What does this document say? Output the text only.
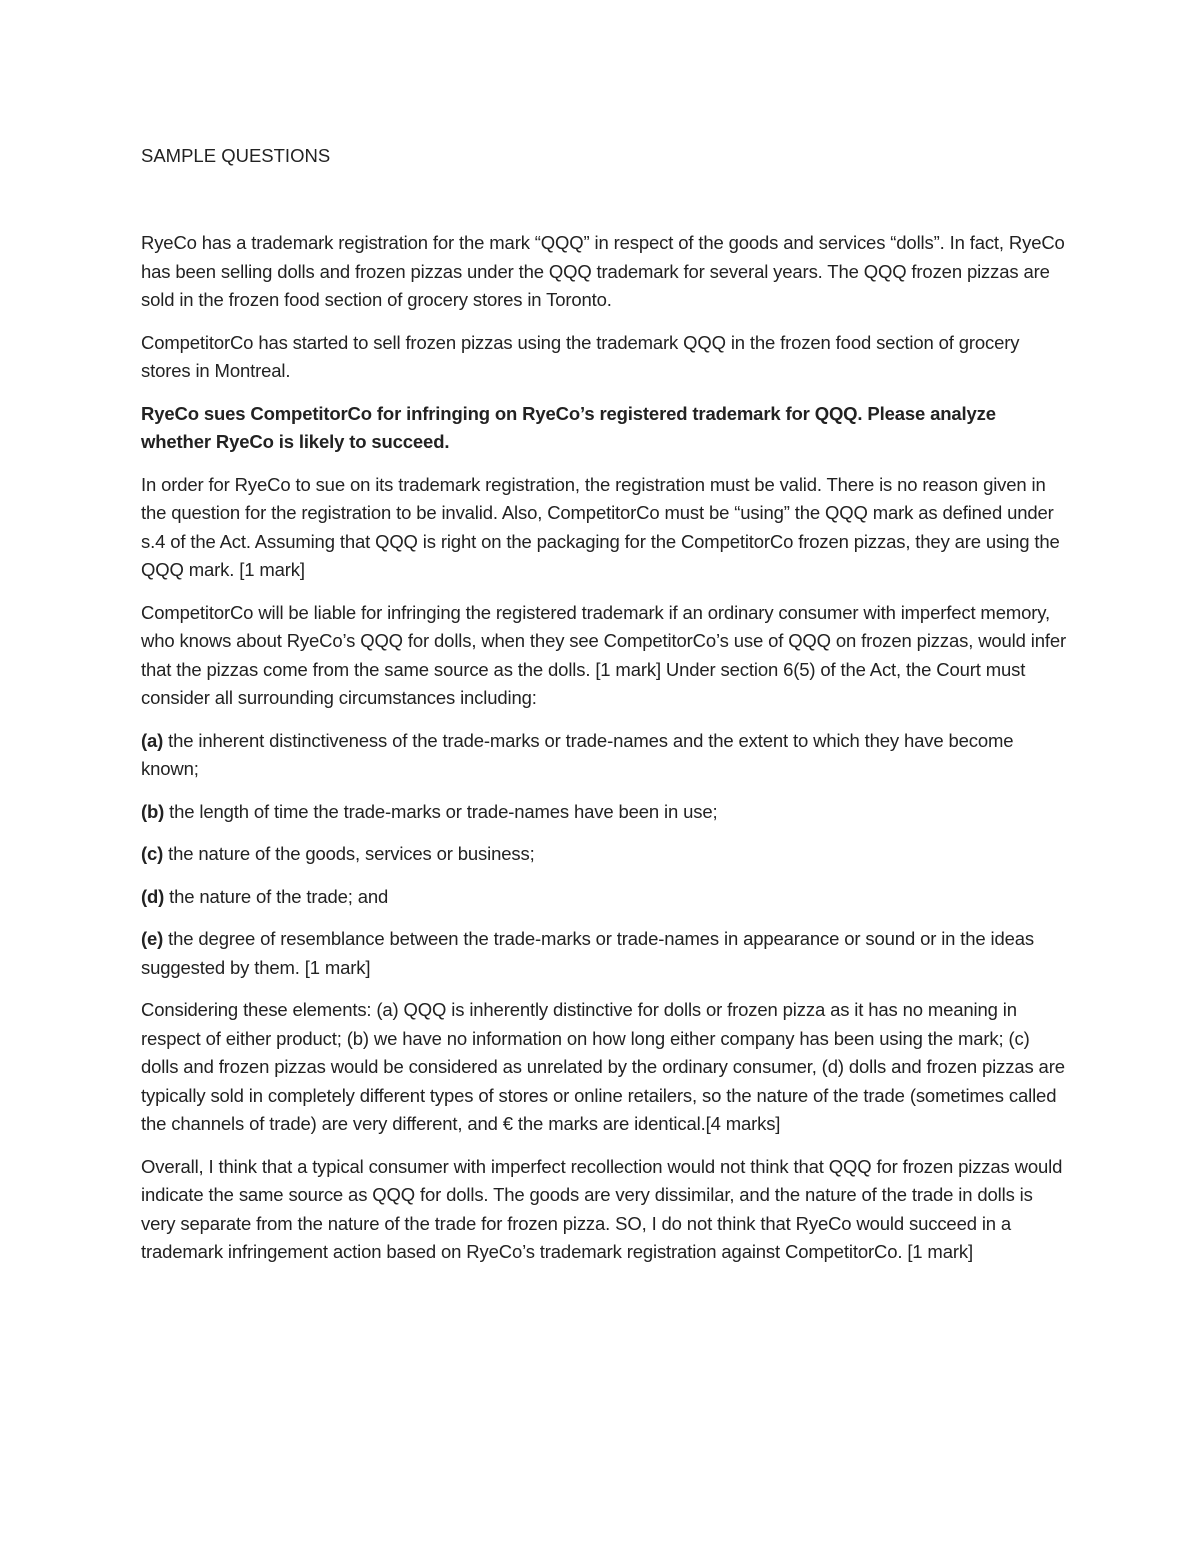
SAMPLE QUESTIONS

RyeCo has a trademark registration for the mark “QQQ” in respect of the goods and services “dolls”. In fact, RyeCo has been selling dolls and frozen pizzas under the QQQ trademark for several years. The QQQ frozen pizzas are sold in the frozen food section of grocery stores in Toronto.

CompetitorCo has started to sell frozen pizzas using the trademark QQQ in the frozen food section of grocery stores in Montreal.

RyeCo sues CompetitorCo for infringing on RyeCo’s registered trademark for QQQ. Please analyze whether RyeCo is likely to succeed.

In order for RyeCo to sue on its trademark registration, the registration must be valid. There is no reason given in the question for the registration to be invalid. Also, CompetitorCo must be “using” the QQQ mark as defined under s.4 of the Act. Assuming that QQQ is right on the packaging for the CompetitorCo frozen pizzas, they are using the QQQ mark. [1 mark]

CompetitorCo will be liable for infringing the registered trademark if an ordinary consumer with imperfect memory, who knows about RyeCo’s QQQ for dolls, when they see CompetitorCo’s use of QQQ on frozen pizzas, would infer that the pizzas come from the same source as the dolls. [1 mark] Under section 6(5) of the Act, the Court must consider all surrounding circumstances including:

(a) the inherent distinctiveness of the trade-marks or trade-names and the extent to which they have become known;

(b) the length of time the trade-marks or trade-names have been in use;

(c) the nature of the goods, services or business;

(d) the nature of the trade; and

(e) the degree of resemblance between the trade-marks or trade-names in appearance or sound or in the ideas suggested by them. [1 mark]

Considering these elements: (a) QQQ is inherently distinctive for dolls or frozen pizza as it has no meaning in respect of either product; (b) we have no information on how long either company has been using the mark; (c) dolls and frozen pizzas would be considered as unrelated by the ordinary consumer, (d) dolls and frozen pizzas are typically sold in completely different types of stores or online retailers, so the nature of the trade (sometimes called the channels of trade) are very different, and € the marks are identical.[4 marks]

Overall, I think that a typical consumer with imperfect recollection would not think that QQQ for frozen pizzas would indicate the same source as QQQ for dolls. The goods are very dissimilar, and the nature of the trade in dolls is very separate from the nature of the trade for frozen pizza. SO, I do not think that RyeCo would succeed in a trademark infringement action based on RyeCo’s trademark registration against CompetitorCo. [1 mark]
